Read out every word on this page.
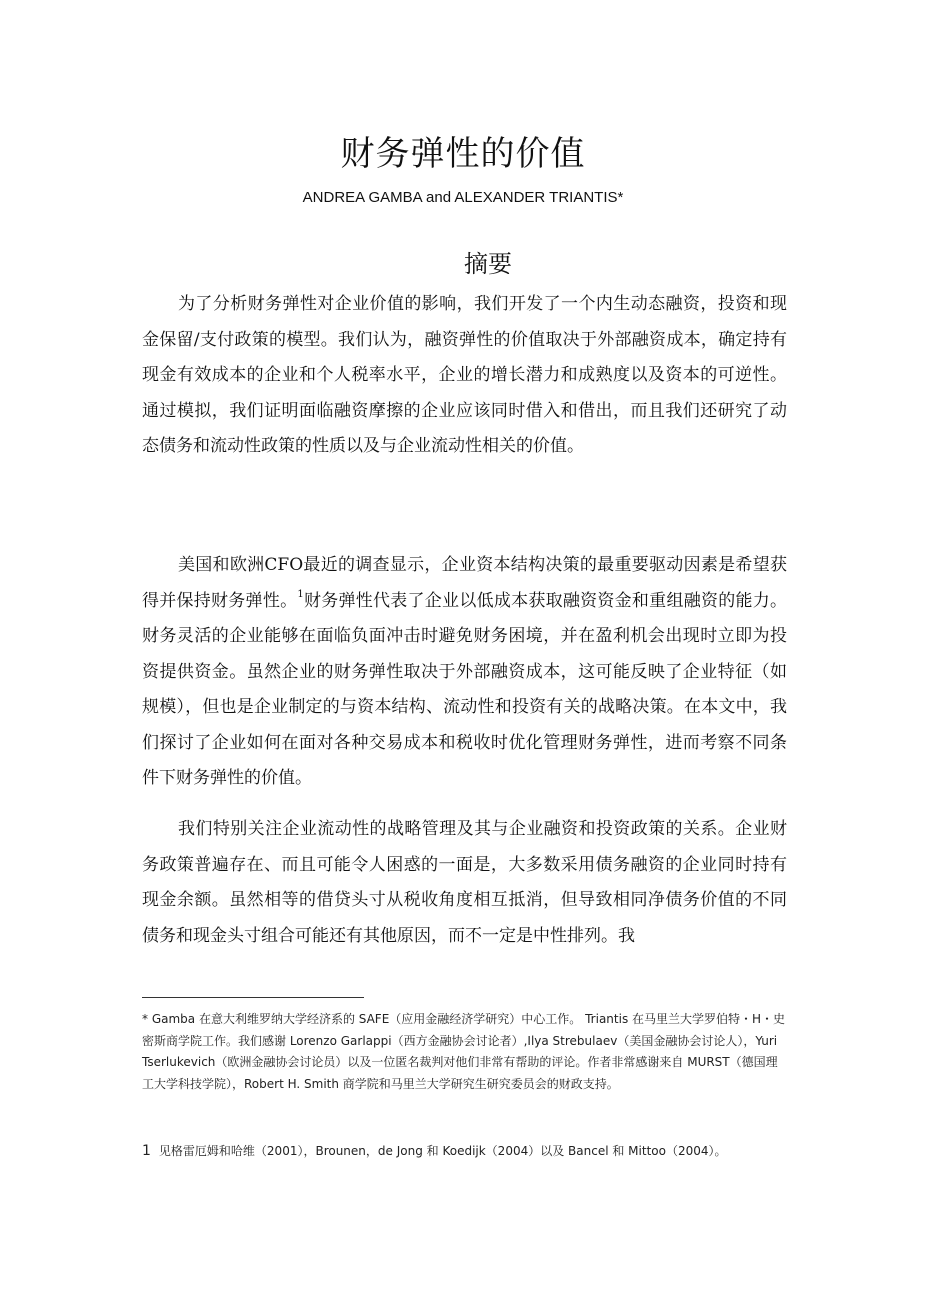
财务弹性的价值
ANDREA GAMBA and ALEXANDER TRIANTIS*
摘要

为了分析财务弹性对企业价值的影响，我们开发了一个内生动态融资，投资和现金保留/支付政策的模型。我们认为，融资弹性的价值取决于外部融资成本，确定持有现金有效成本的企业和个人税率水平，企业的增长潜力和成熟度以及资本的可逆性。通过模拟，我们证明面临融资摩擦的企业应该同时借入和借出，而且我们还研究了动态债务和流动性政策的性质以及与企业流动性相关的价值。

美国和欧洲CFO最近的调查显示，企业资本结构决策的最重要驱动因素是希望获得并保持财务弹性。$^1$财务弹性代表了企业以低成本获取融资资金和重组融资的能力。财务灵活的企业能够在面临负面冲击时避免财务困境，并在盈利机会出现时立即为投资提供资金。虽然企业的财务弹性取决于外部融资成本，这可能反映了企业特征（如规模），但也是企业制定的与资本结构、流动性和投资有关的战略决策。在本文中，我们探讨了企业如何在面对各种交易成本和税收时优化管理财务弹性，进而考察不同条件下财务弹性的价值。

我们特别关注企业流动性的战略管理及其与企业融资和投资政策的关系。企业财务政策普遍存在、而且可能令人困惑的一面是，大多数采用债务融资的企业同时持有现金余额。虽然相等的借贷头寸从税收角度相互抵消，但导致相同净债务价值的不同债务和现金头寸组合可能还有其他原因，而不一定是中性排列。我

* Gamba 在意大利维罗纳大学经济系的 SAFE（应用金融经济学研究）中心工作。 Triantis 在马里兰大学罗伯特・H・史密斯商学院工作。我们感谢 Lorenzo Garlappi（西方金融协会讨论者）,Ilya Strebulaev（美国金融协会讨论人），Yuri Tserlukevich（欧洲金融协会讨论员）以及一位匿名裁判对他们非常有帮助的评论。作者非常感谢来自 MURST（德国理工大学科技学院），Robert H. Smith 商学院和马里兰大学研究生研究委员会的财政支持。

1 见格雷厄姆和哈维（2001），Brounen，de Jong 和 Koedijk（2004）以及 Bancel 和 Mittoo（2004）。
